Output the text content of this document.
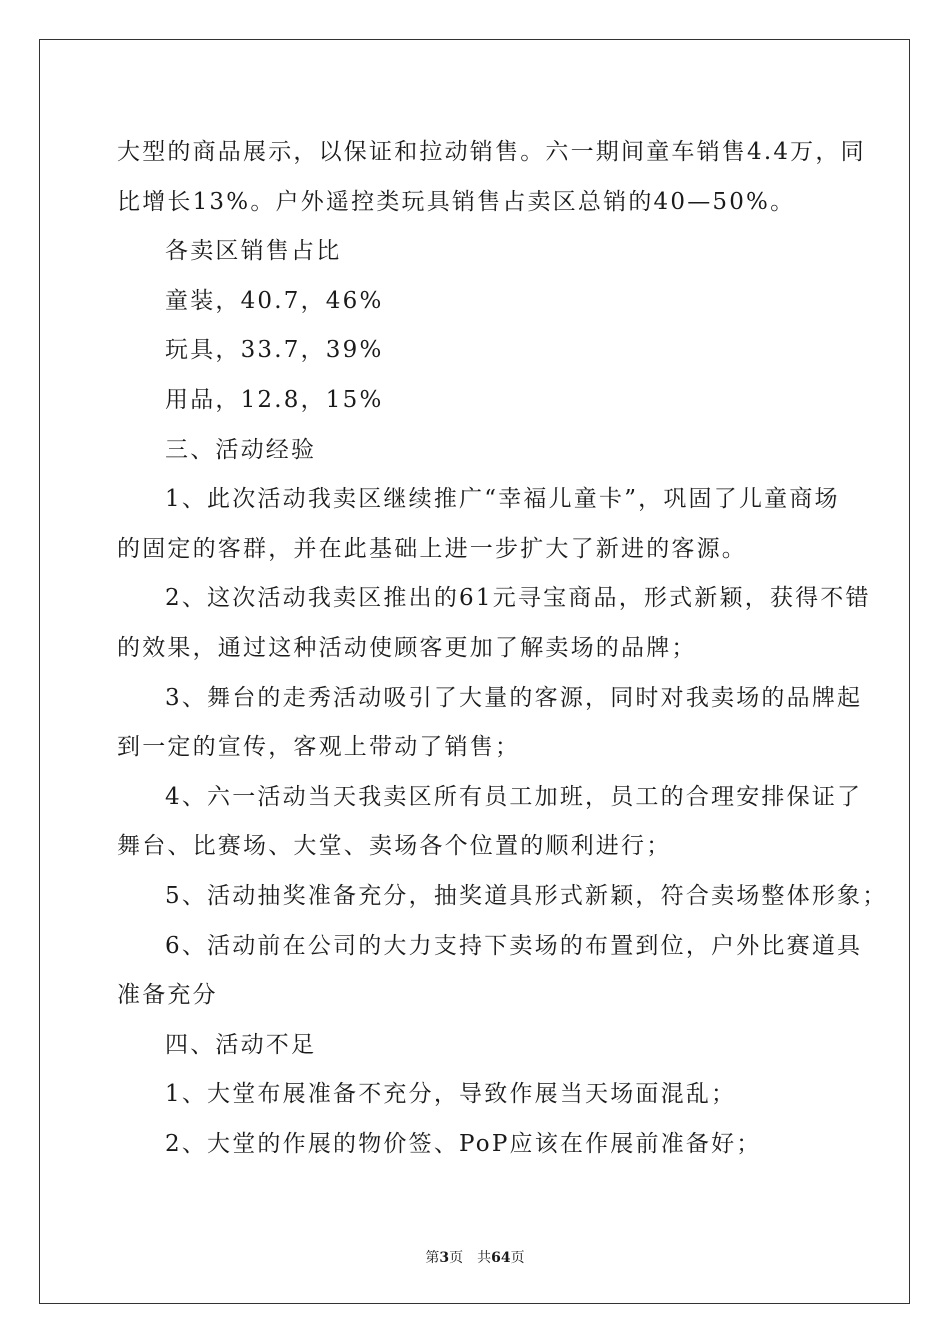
大型的商品展示，以保证和拉动销售。六一期间童车销售4.4万，同
比增长13%。户外遥控类玩具销售占卖区总销的40—50%。
各卖区销售占比
童装，40.7，46%
玩具，33.7，39%
用品，12.8，15%
三、活动经验
1、此次活动我卖区继续推广“幸福儿童卡”，巩固了儿童商场
的固定的客群，并在此基础上进一步扩大了新进的客源。
2、这次活动我卖区推出的61元寻宝商品，形式新颖，获得不错
的效果，通过这种活动使顾客更加了解卖场的品牌；
3、舞台的走秀活动吸引了大量的客源，同时对我卖场的品牌起
到一定的宣传，客观上带动了销售；
4、六一活动当天我卖区所有员工加班，员工的合理安排保证了
舞台、比赛场、大堂、卖场各个位置的顺利进行；
5、活动抽奖准备充分，抽奖道具形式新颖，符合卖场整体形象；
6、活动前在公司的大力支持下卖场的布置到位，户外比赛道具
准备充分
四、活动不足
1、大堂布展准备不充分，导致作展当天场面混乱；
2、大堂的作展的物价签、PoP应该在作展前准备好；
第3页 共64页
